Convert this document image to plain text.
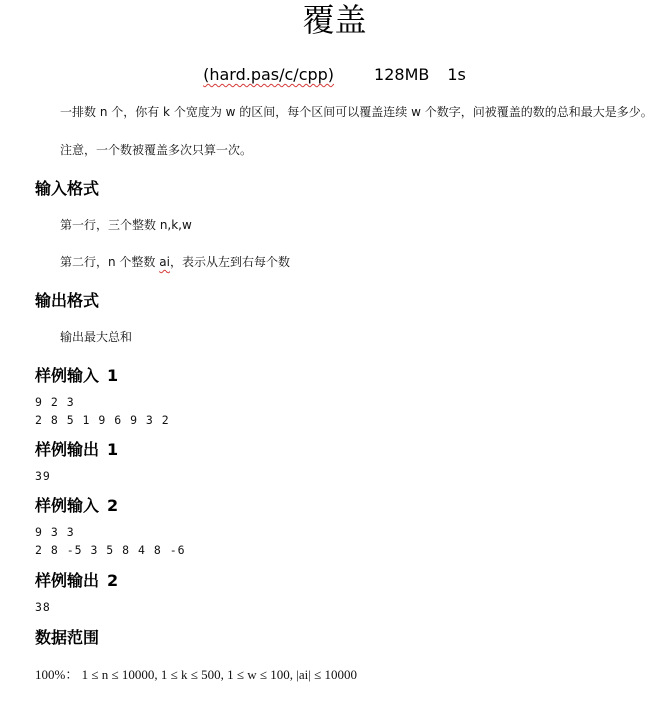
覆盖
(hard.pas/c/cpp)	128MB 1s
一排数 n 个，你有 k 个宽度为 w 的区间，每个区间可以覆盖连续 w 个数字，问被覆盖的数的总和最大是多少。
注意，一个数被覆盖多次只算一次。
输入格式
第一行，三个整数 n,k,w
第二行，n 个整数 ai，表示从左到右每个数
输出格式
输出最大总和
样例输入 1
9 2 3
2 8 5 1 9 6 9 3 2
样例输出 1
39
样例输入 2
9 3 3
2 8 -5 3 5 8 4 8 -6
样例输出 2
38
数据范围
100%： 1 ≤ n ≤ 10000, 1 ≤ k ≤ 500, 1 ≤ w ≤ 100, |ai| ≤ 10000
